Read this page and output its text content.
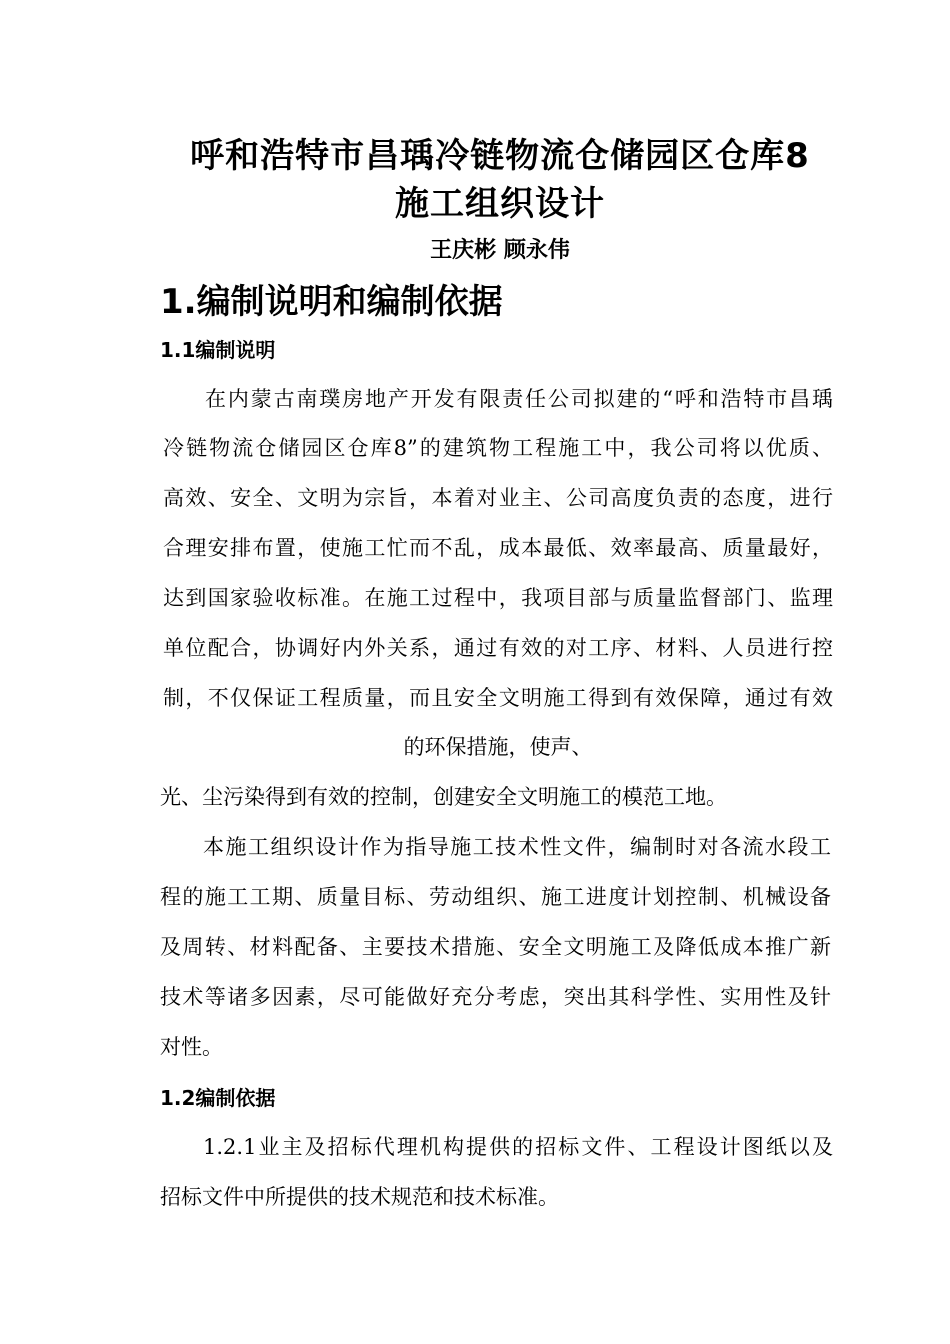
呼和浩特市昌瑀冷链物流仓储园区仓库8
施工组织设计
王庆彬 顾永伟
1.编制说明和编制依据
1.1编制说明
在内蒙古南璞房地产开发有限责任公司拟建的“呼和浩特市昌瑀
冷链物流仓储园区仓库8”的建筑物工程施工中，我公司将以优质、
高效、安全、文明为宗旨，本着对业主、公司高度负责的态度，进行
合理安排布置，使施工忙而不乱，成本最低、效率最高、质量最好，
达到国家验收标准。在施工过程中，我项目部与质量监督部门、监理
单位配合，协调好内外关系，通过有效的对工序、材料、人员进行控
制，不仅保证工程质量，而且安全文明施工得到有效保障，通过有效
的环保措施，使声、
光、尘污染得到有效的控制，创建安全文明施工的模范工地。
本施工组织设计作为指导施工技术性文件，编制时对各流水段工
程的施工工期、质量目标、劳动组织、施工进度计划控制、机械设备
及周转、材料配备、主要技术措施、安全文明施工及降低成本推广新
技术等诸多因素，尽可能做好充分考虑，突出其科学性、实用性及针
对性。
1.2编制依据
1.2.1业主及招标代理机构提供的招标文件、工程设计图纸以及
招标文件中所提供的技术规范和技术标准。
